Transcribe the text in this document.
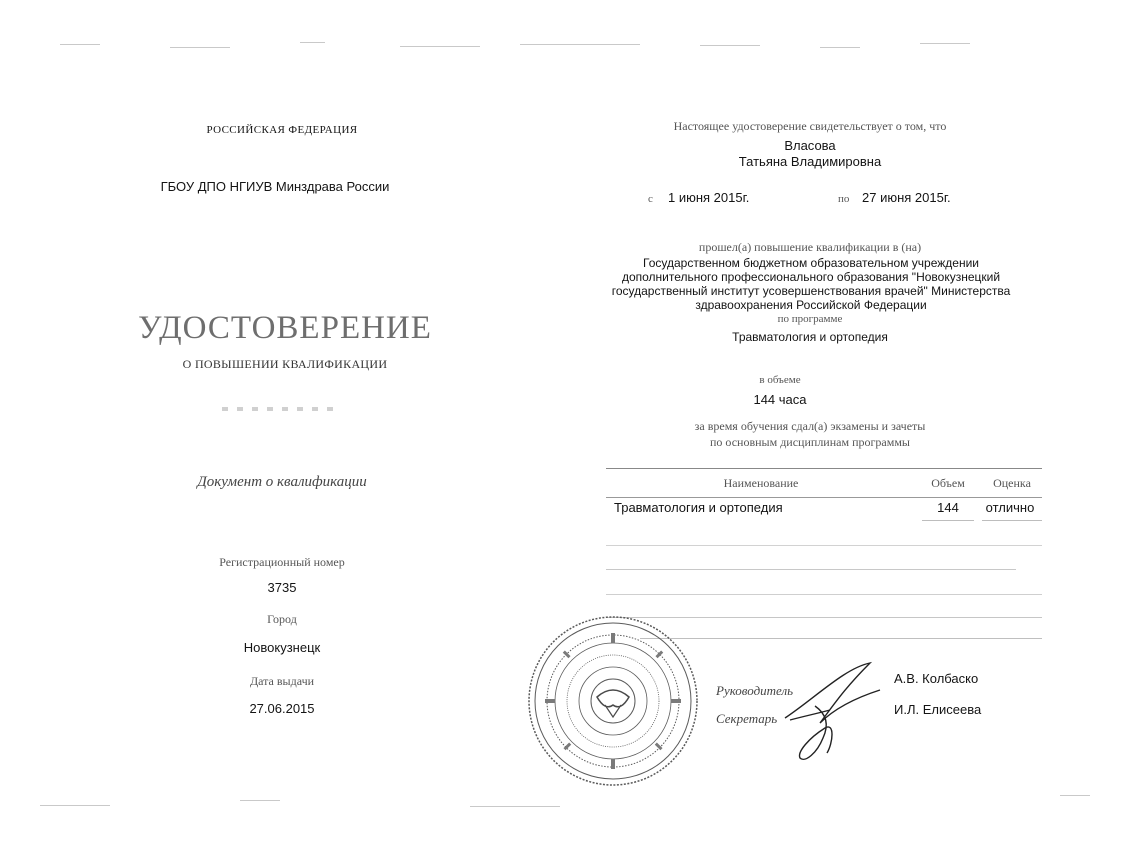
РОССИЙСКАЯ ФЕДЕРАЦИЯ
ГБОУ ДПО НГИУВ Минздрава России
УДОСТОВЕРЕНИЕ
О ПОВЫШЕНИИ КВАЛИФИКАЦИИ
Документ о квалификации
Регистрационный номер
3735
Город
Новокузнецк
Дата выдачи
27.06.2015
Настоящее удостоверение свидетельствует о том, что
Власова
Татьяна Владимировна
с 1 июня 2015г.	по 27 июня 2015г.
прошел(а) повышение квалификации в (на)
Государственном бюджетном образовательном учреждении
дополнительного профессионального образования "Новокузнецкий
государственный институт усовершенствования врачей" Министерства
здравоохранения Российской Федерации
по программе
Травматология и ортопедия
в объеме
144 часа
за время обучения сдал(а) экзамены и зачеты
по основным дисциплинам программы
Наименование	Объем	Оценка
Травматология и ортопедия	144	отлично
Руководитель
Секретарь
А.В. Колбаско
И.Л. Елисеева
